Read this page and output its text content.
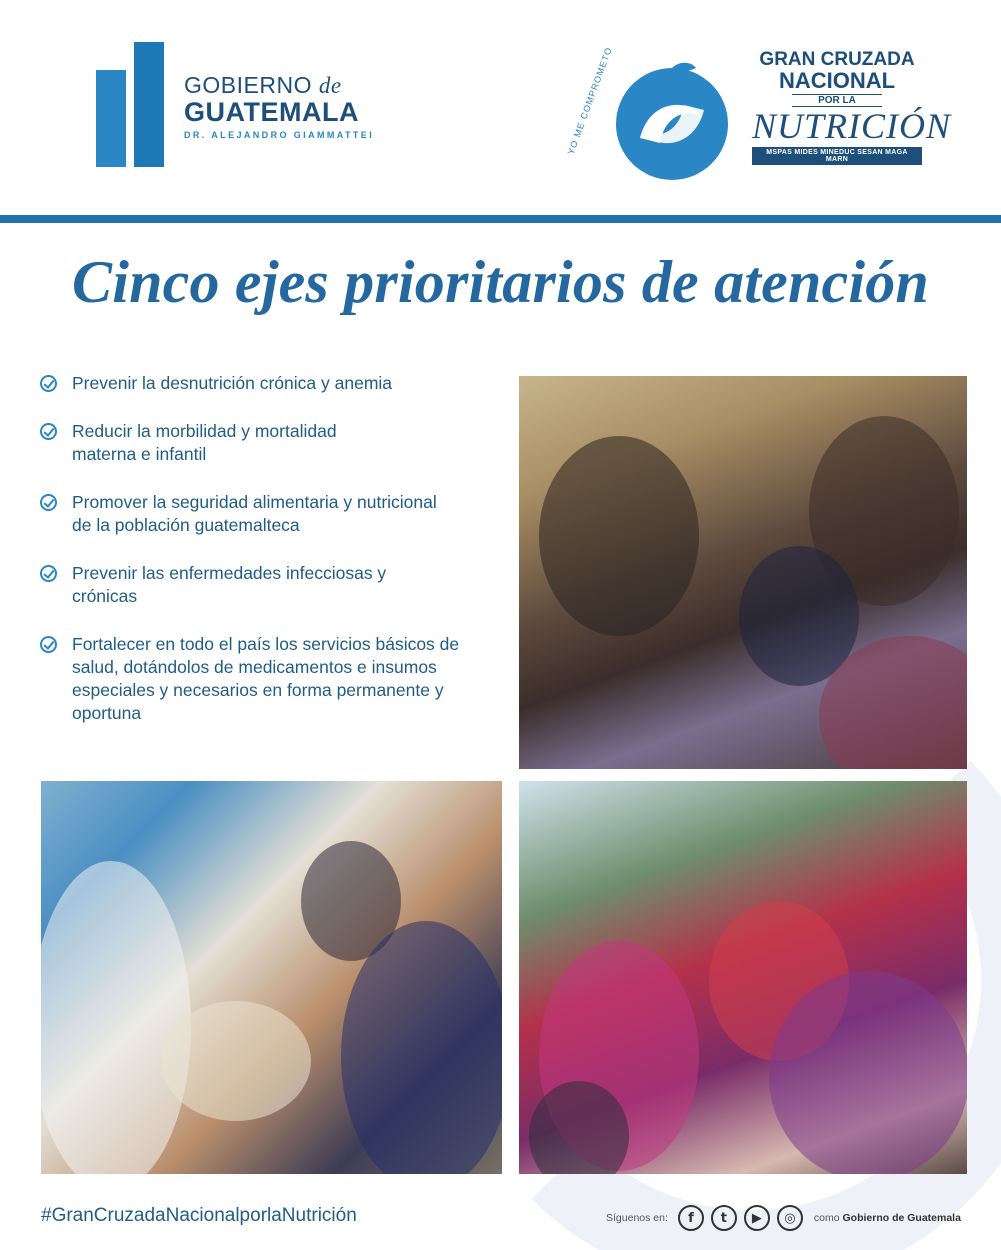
GOBIERNO de
GUATEMALA
DR. ALEJANDRO GIAMMATTEI	YO ME COMPROMETO	GRAN CRUZADA
NACIONAL
POR LA
NUTRICIÓN
MSPAS MIDES MINEDUC SESAN MAGA MARN
Cinco ejes prioritarios de atención
Prevenir la desnutrición crónica y anemia
Reducir la morbilidad y mortalidad materna e infantil
Promover la seguridad alimentaria y nutricional de la población guatemalteca
Prevenir las enfermedades infecciosas y crónicas
Fortalecer en todo el país los servicios básicos de salud, dotándolos de medicamentos e insumos especiales y necesarios en forma permanente y oportuna
#GranCruzadaNacionalporlaNutrición	Síguenos en:	f	t	▶	◎	como Gobierno de Guatemala
